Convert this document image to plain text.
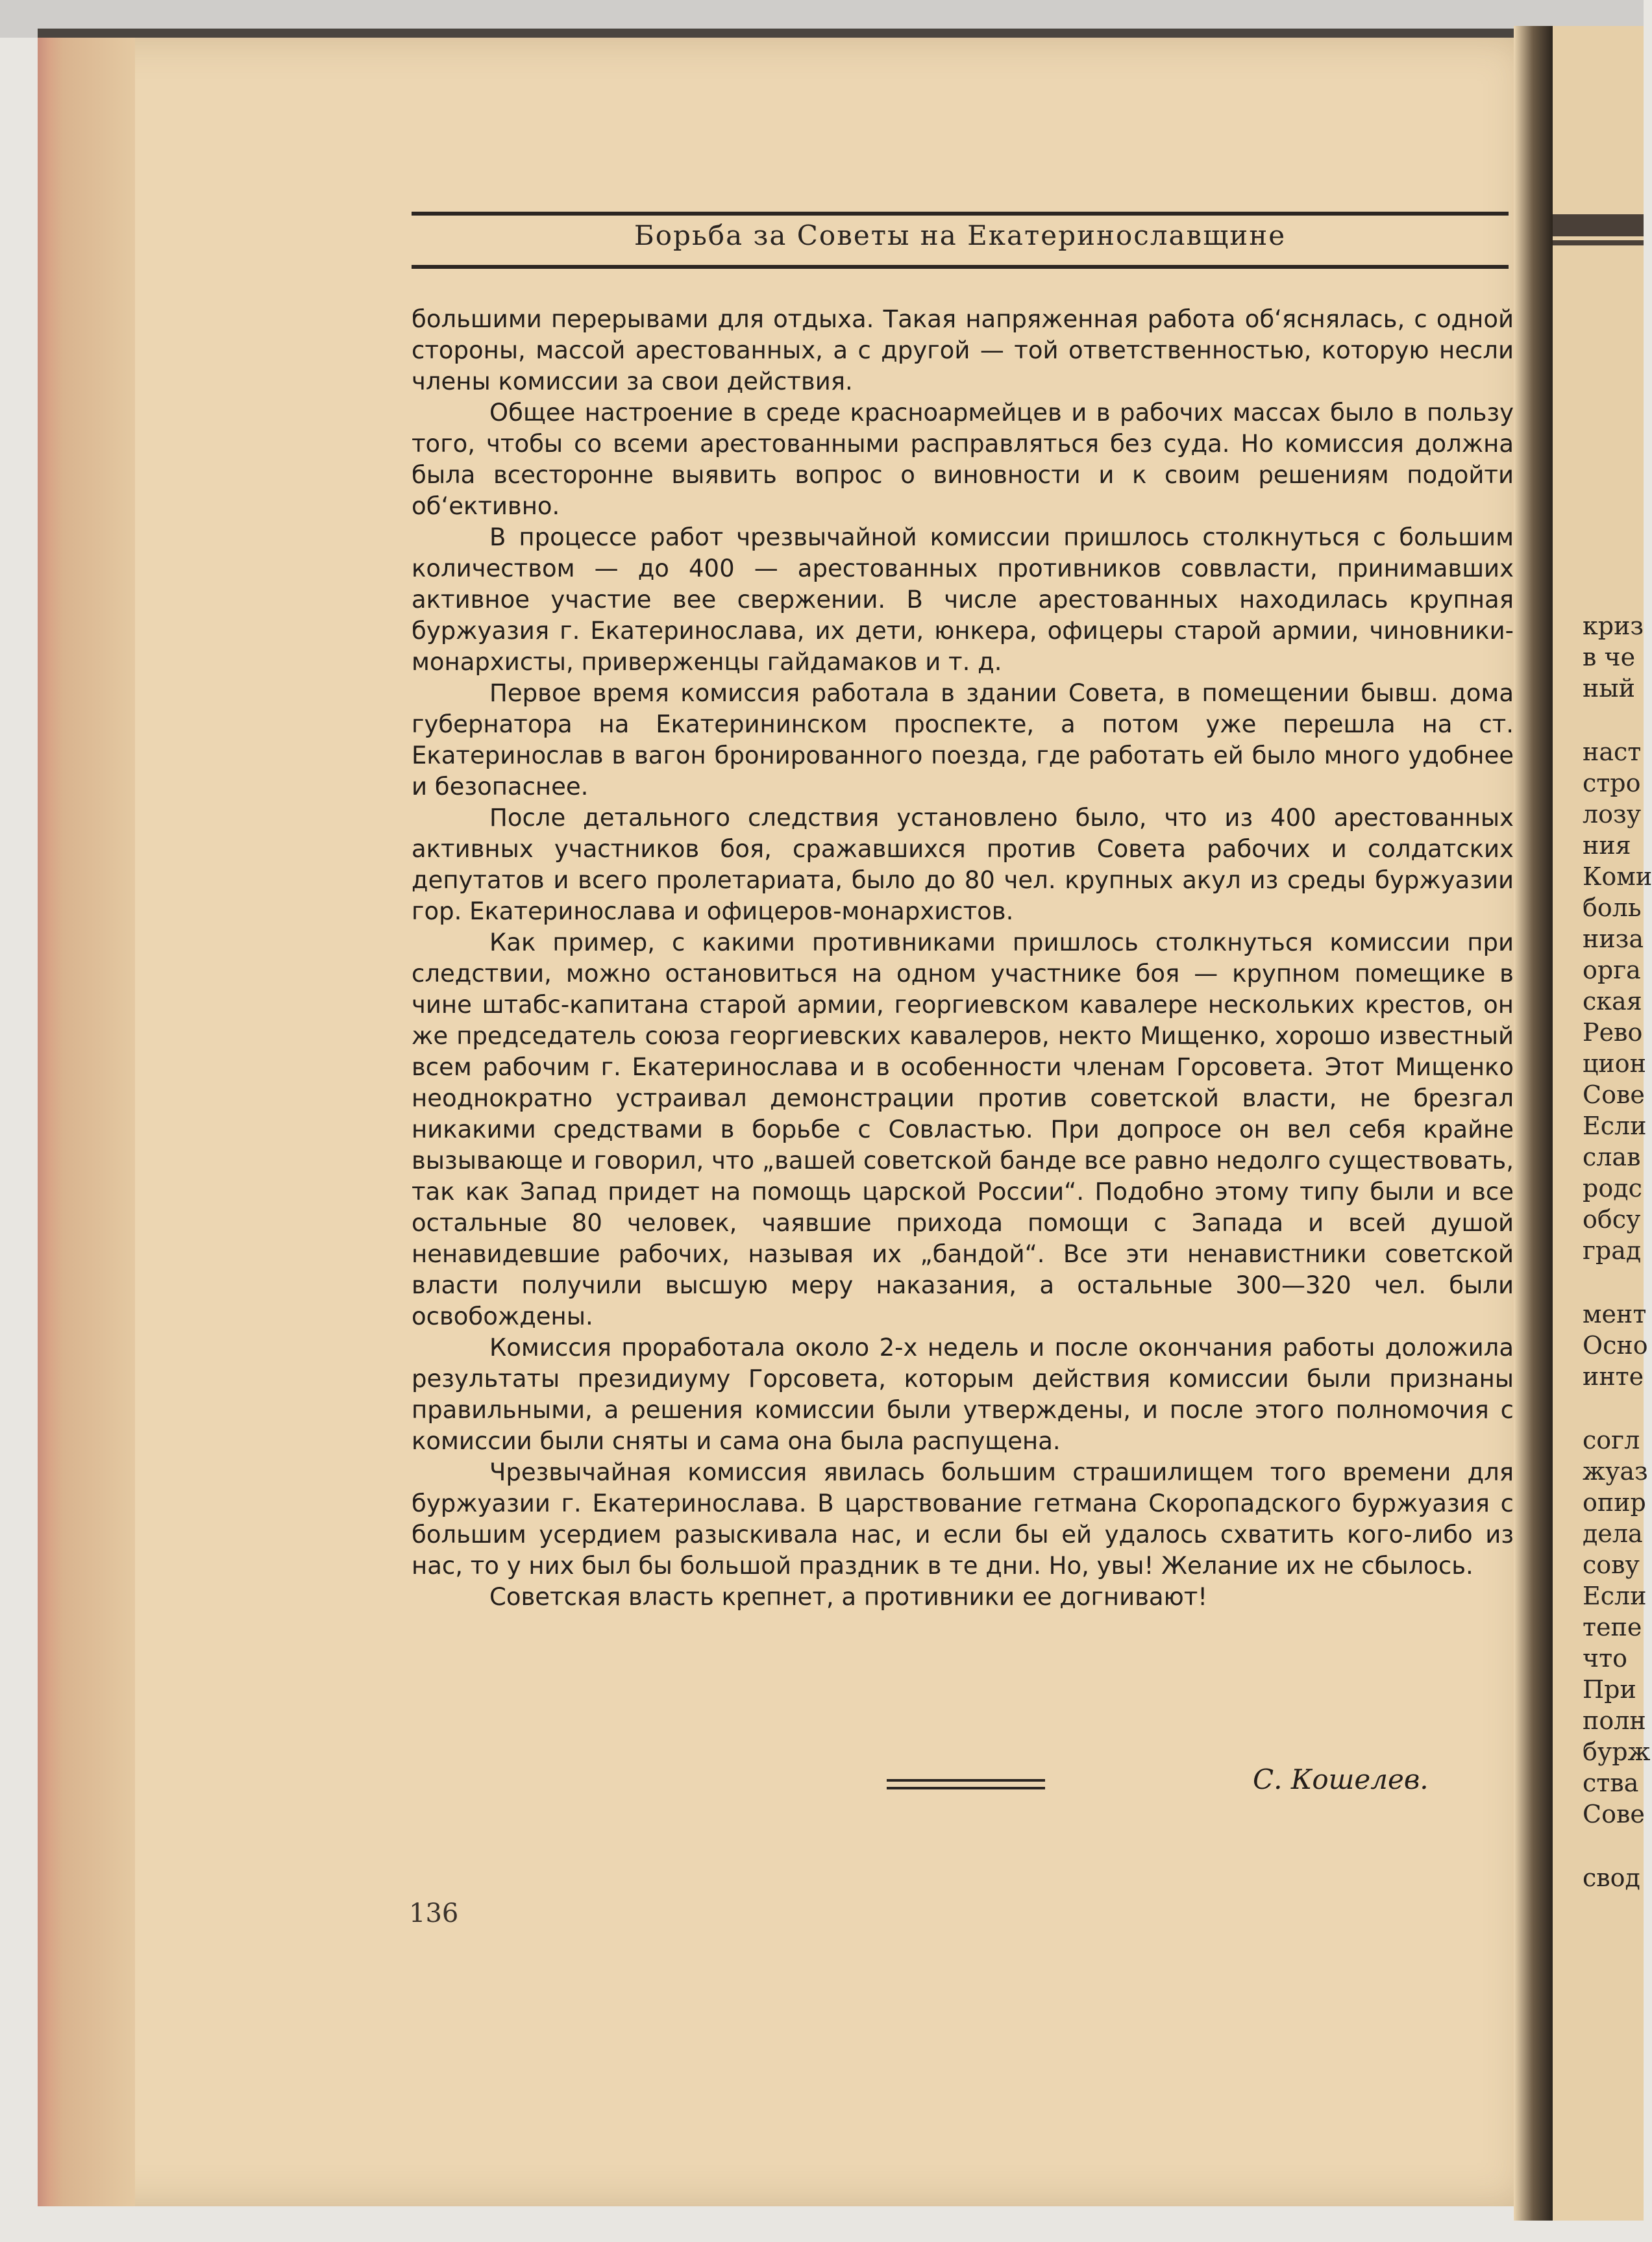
криз

в че

ный

наст

стро

лозу

ния

Коми

боль

низа

орга

ская

Рево

цион

Сове

Если

слав

родс

обсу

град

мент

Осно

инте

согл

жуаз

опир

дела

сову

Если

тепе

что

При

полн

бурж

ства

Сове

свод

Борьба за Советы на Екатеринославщине

большими перерывами для отдыха. Такая напряженная работа об‘яснялась, с одной стороны, массой арестованных, а с другой — той ответственностью, которую несли члены комиссии за свои действия.

Общее настроение в среде красноармейцев и в рабочих массах было в пользу того, чтобы со всеми арестованными расправляться без суда. Но комиссия должна была всесторонне выявить вопрос о виновности и к своим решениям подойти об‘ективно.

В процессе работ чрезвычайной комиссии пришлось столкнуться с большим количеством — до 400 — арестованных противников соввласти, принимавших активное участие вее свержении. В числе арестованных находилась крупная буржуазия г. Екатеринослава, их дети, юнкера, офицеры старой армии, чиновники-монархисты, приверженцы гайдамаков и т. д.

Первое время комиссия работала в здании Совета, в помещении бывш. дома губернатора на Екатерининском проспекте, а потом уже перешла на ст. Екатеринослав в вагон бронированного поезда, где работать ей было много удобнее и безопаснее.

После детального следствия установлено было, что из 400 арестованных активных участников боя, сражавшихся против Совета рабочих и солдатских депутатов и всего пролетариата, было до 80 чел. крупных акул из среды буржуазии гор. Екатеринослава и офицеров-монархистов.

Как пример, с какими противниками пришлось столкнуться комиссии при следствии, можно остановиться на одном участнике боя — крупном помещике в чине штабс-капитана старой армии, георгиевском кавалере нескольких крестов, он же председатель союза георгиевских кавалеров, некто Мищенко, хорошо известный всем рабочим г. Екатеринослава и в особенности членам Горсовета. Этот Мищенко неоднократно устраивал демонстрации против советской власти, не брезгал никакими средствами в борьбе с Совластью. При допросе он вел себя крайне вызывающе и говорил, что „вашей советской банде все равно недолго существовать, так как Запад придет на помощь царской России“. Подобно этому типу были и все остальные 80 человек, чаявшие прихода помощи с Запада и всей душой ненавидевшие рабочих, называя их „бандой“. Все эти ненавистники советской власти получили высшую меру наказания, а остальные 300—320 чел. были освобождены.

Комиссия проработала около 2-х недель и после окончания работы доложила результаты президиуму Горсовета, которым действия комиссии были признаны правильными, а решения комиссии были утверждены, и после этого полномочия с комиссии были сняты и сама она была распущена.

Чрезвычайная комиссия явилась большим страшилищем того времени для буржуазии г. Екатеринослава. В царствование гетмана Скоропадского буржуазия с большим усердием разыскивала нас, и если бы ей удалось схватить кого-либо из нас, то у них был бы большой праздник в те дни. Но, увы! Желание их не сбылось.

Советская власть крепнет, а противники ее догнивают!

С. Кошелев.
136
